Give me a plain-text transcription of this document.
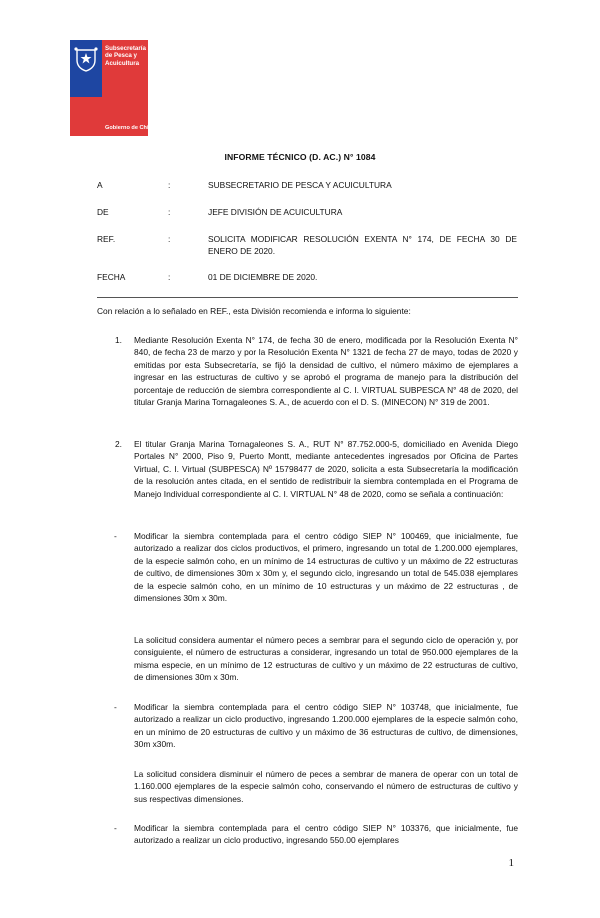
Subsecretaría
de Pesca y
Acuicultura
Gobierno de Chile
INFORME TÉCNICO (D. AC.) N° 1084
A	:	SUBSECRETARIO DE PESCA Y ACUICULTURA
DE	:	JEFE DIVISIÓN DE ACUICULTURA
REF.	:	SOLICITA MODIFICAR RESOLUCIÓN EXENTA N° 174, DE FECHA 30 DE ENERO DE 2020.
FECHA	:	01 DE DICIEMBRE DE 2020.
Con relación a lo señalado en REF., esta División recomienda e informa lo siguiente:
1. Mediante Resolución Exenta N° 174, de fecha 30 de enero, modificada por la Resolución Exenta N° 840, de fecha 23 de marzo y por la Resolución Exenta N° 1321 de fecha 27 de mayo, todas de 2020 y emitidas por esta Subsecretaría, se fijó la densidad de cultivo, el número máximo de ejemplares a ingresar en las estructuras de cultivo y se aprobó el programa de manejo para la distribución del porcentaje de reducción de siembra correspondiente al C. I. VIRTUAL SUBPESCA N° 48 de 2020, del titular Granja Marina Tornagaleones S. A., de acuerdo con el D. S. (MINECON) N° 319 de 2001.
2. El titular Granja Marina Tornagaleones S. A., RUT N° 87.752.000-5, domiciliado en Avenida Diego Portales N° 2000, Piso 9, Puerto Montt, mediante antecedentes ingresados por Oficina de Partes Virtual, C. I. Virtual (SUBPESCA) Nº 15798477 de 2020, solicita a esta Subsecretaría la modificación de la resolución antes citada, en el sentido de redistribuir la siembra contemplada en el Programa de Manejo Individual correspondiente al C. I. VIRTUAL N° 48 de 2020, como se señala a continuación:
- Modificar la siembra contemplada para el centro código SIEP N° 100469, que inicialmente, fue autorizado a realizar dos ciclos productivos, el primero, ingresando un total de 1.200.000 ejemplares, de la especie salmón coho, en un mínimo de 14 estructuras de cultivo y un máximo de 22 estructuras de cultivo, de dimensiones 30m x 30m y, el segundo ciclo, ingresando un total de 545.038 ejemplares de la especie salmón coho, en un mínimo de 10 estructuras y un máximo de 22 estructuras , de dimensiones 30m x 30m.
La solicitud considera aumentar el número peces a sembrar para el segundo ciclo de operación y, por consiguiente, el número de estructuras a considerar, ingresando un total de 950.000 ejemplares de la misma especie, en un mínimo de 12 estructuras de cultivo y un máximo de 22 estructuras de cultivo, de dimensiones 30m x 30m.
- Modificar la siembra contemplada para el centro código SIEP N° 103748, que inicialmente, fue autorizado a realizar un ciclo productivo, ingresando 1.200.000 ejemplares de la especie salmón coho, en un mínimo de 20 estructuras de cultivo y un máximo de 36 estructuras de cultivo, de dimensiones, 30m x30m.
La solicitud considera disminuir el número de peces a sembrar de manera de operar con un total de 1.160.000 ejemplares de la especie salmón coho, conservando el número de estructuras de cultivo y sus respectivas dimensiones.
- Modificar la siembra contemplada para el centro código SIEP N° 103376, que inicialmente, fue autorizado a realizar un ciclo productivo, ingresando 550.00 ejemplares
1
